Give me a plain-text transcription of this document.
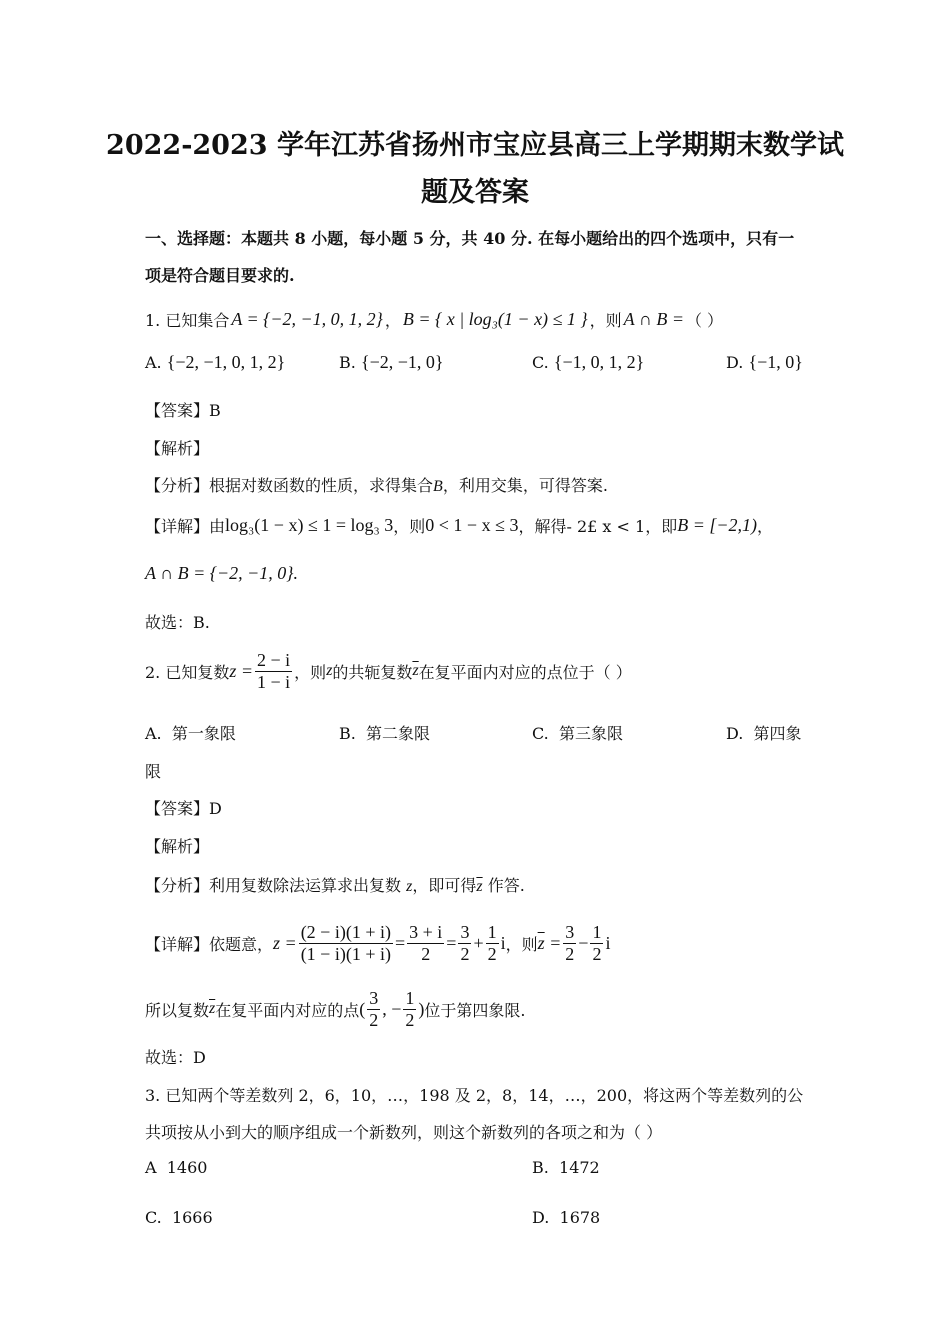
2022-2023 学年江苏省扬州市宝应县高三上学期期末数学试
题及答案
一、选择题：本题共 8 小题，每小题 5 分，共 40 分. 在每小题给出的四个选项中，只有一
项是符合题目要求的.
1. 已知集合 A = {−2, −1, 0, 1, 2} ， B = { x | log₃(1 − x) ≤ 1 } ，则 A ∩ B = （ ）
A. {−2, −1, 0, 1, 2}	B. {−2, −1, 0}	C. {−1, 0, 1, 2}	D. {−1, 0}
【答案】B
【解析】
【分析】根据对数函数的性质，求得集合B，利用交集，可得答案.
【详解】 由 log₃(1 − x) ≤ 1 = log₃ 3 ，则 0 < 1 − x ≤ 3 ，解得- 2£ x < 1 ，即 B = [−2,1) ，
A ∩ B = {−2, −1, 0}.
故选：B.
2. 已知复数 $z = \frac{2 - i}{1 - i}$ ，则 z 的共轭复数 $\overline{z}$ 在复平面内对应的点位于（ ）
A. 第一象限	B. 第二象限	C. 第三象限	D. 第四象
限
【答案】D
【解析】
【分析】利用复数除法运算求出复数 z，即可得$\overline{z}$ 作答.
【详解】 依题意， $z = \frac{(2 - i)(1 + i)}{(1 - i)(1 + i)} = \frac{3 + i}{2} = \frac{3}{2} + \frac{1}{2}$ i ，则 $\overline{z} = \frac{3}{2} - \frac{1}{2}$ i
所以复数 $\overline{z}$ 在复平面内对应的点 ( $\frac{3}{2}$ , − $\frac{1}{2}$ ) 位于第四象限.
故选：D
3. 已知两个等差数列 2，6，10，…，198 及 2，8，14，…，200，将这两个等差数列的公
共项按从小到大的顺序组成一个新数列，则这个新数列的各项之和为（ ）
A 1460	B. 1472
C. 1666	D. 1678
